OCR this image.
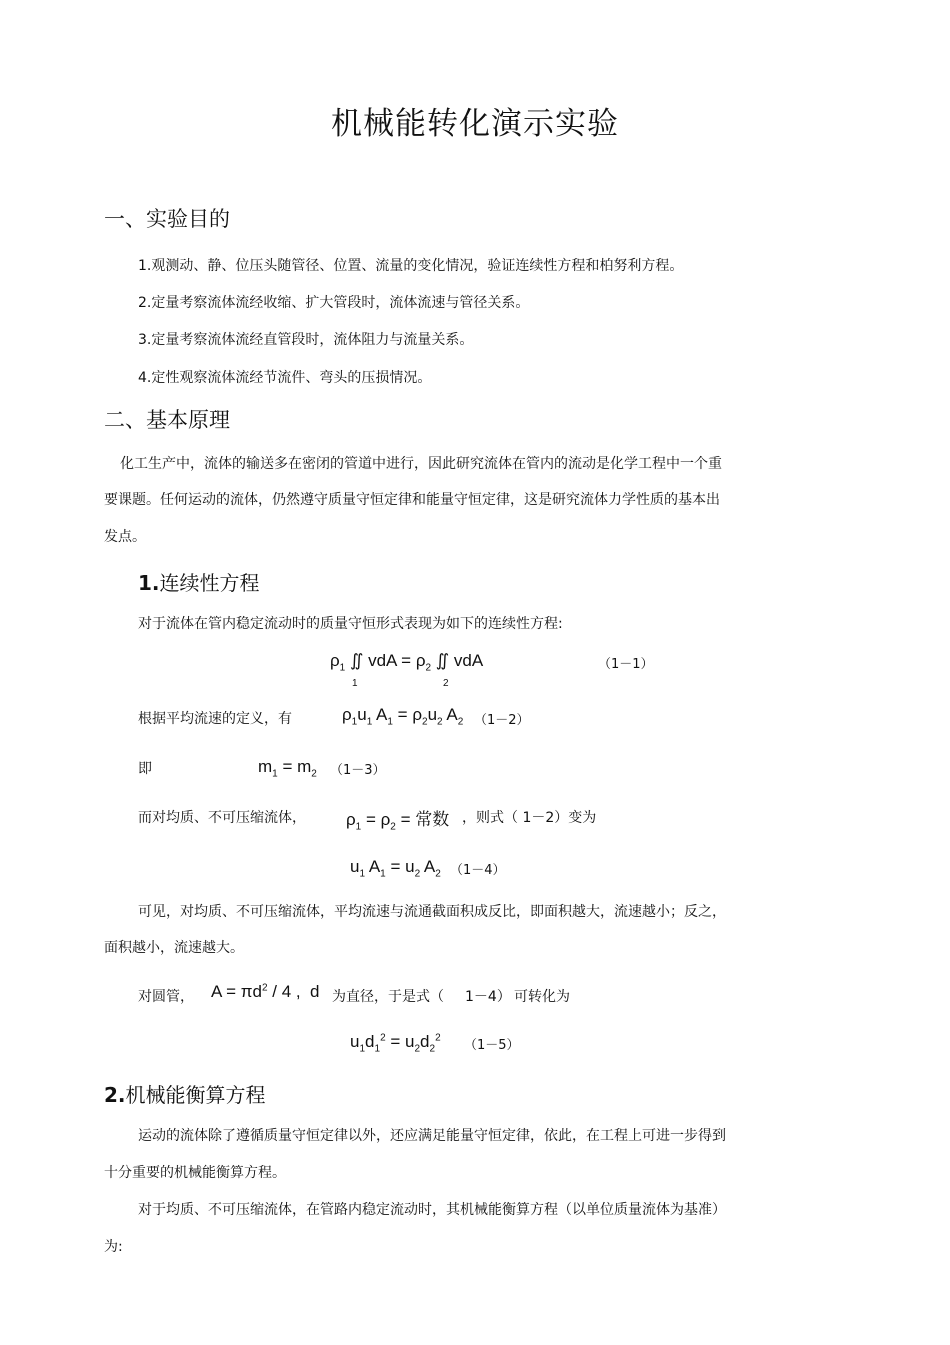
机械能转化演示实验
一、实验目的
1.观测动、静、位压头随管径、位置、流量的变化情况，验证连续性方程和柏努利方程。
2.定量考察流体流经收缩、扩大管段时，流体流速与管径关系。
3.定量考察流体流经直管段时，流体阻力与流量关系。
4.定性观察流体流经节流件、弯头的压损情况。
二、基本原理
化工生产中，流体的输送多在密闭的管道中进行，因此研究流体在管内的流动是化学工程中一个重
要课题。任何运动的流体，仍然遵守质量守恒定律和能量守恒定律，这是研究流体力学性质的基本出
发点。
1.连续性方程
对于流体在管内稳定流动时的质量守恒形式表现为如下的连续性方程:
$\rho_1$ ∬ vdA = $\rho_2$ ∬ vdA
1	2
（1－1）
根据平均流速的定义，有	$\rho_1u_1$ $A_1 = \rho_2u_2$ $A_2$ （1－2）
即	$m_1 = m_2$ （1－3）
而对均质、不可压缩流体， $\rho_1 = \rho_2$ = 常数 ，则式（ 1－2）变为
$u_1$ $A_1 = u_2$ $A_2$ （1－4）
可见，对均质、不可压缩流体，平均流速与流通截面积成反比，即面积越大，流速越小；反之，
面积越小，流速越大。
对圆管， $A = \pi d^2 / 4$ ,  d 为直径，于是式（ 1－4） 可转化为
$u_1d_1^2 = u_2d_2^2$
（1－5）
2.机械能衡算方程
运动的流体除了遵循质量守恒定律以外，还应满足能量守恒定律，依此，在工程上可进一步得到
十分重要的机械能衡算方程。
对于均质、不可压缩流体，在管路内稳定流动时，其机械能衡算方程（以单位质量流体为基准）
为:
